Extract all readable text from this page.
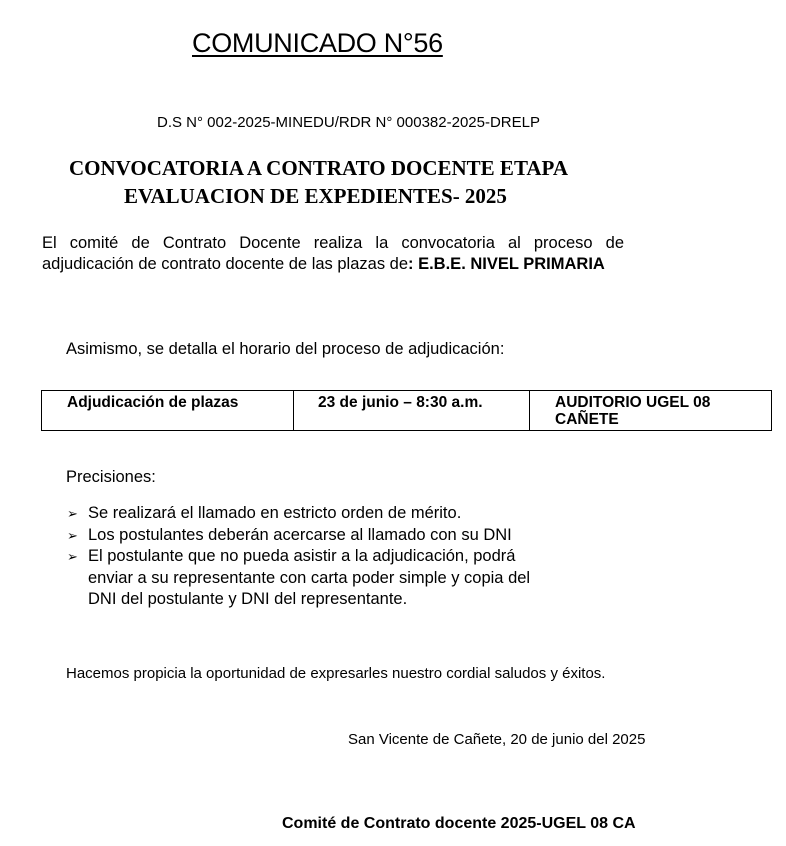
COMUNICADO N°56
D.S N° 002-2025-MINEDU/RDR N° 000382-2025-DRELP
CONVOCATORIA A CONTRATO DOCENTE ETAPA
EVALUACION DE EXPEDIENTES- 2025
El comité de Contrato Docente realiza la convocatoria al proceso de adjudicación de contrato docente de las plazas de: E.B.E. NIVEL PRIMARIA
Asimismo, se detalla el horario del proceso de adjudicación:
Adjudicación de plazas	23 de junio – 8:30 a.m.	AUDITORIO UGEL 08 CAÑETE
Precisiones:
➢ Se realizará el llamado en estricto orden de mérito.
➢ Los postulantes deberán acercarse al llamado con su DNI
➢ El postulante que no pueda asistir a la adjudicación, podrá enviar a su representante con carta poder simple y copia del DNI del postulante y DNI del representante.
Hacemos propicia la oportunidad de expresarles nuestro cordial saludos y éxitos.
San Vicente de Cañete, 20 de junio del 2025
Comité de Contrato docente 2025-UGEL 08 CA
